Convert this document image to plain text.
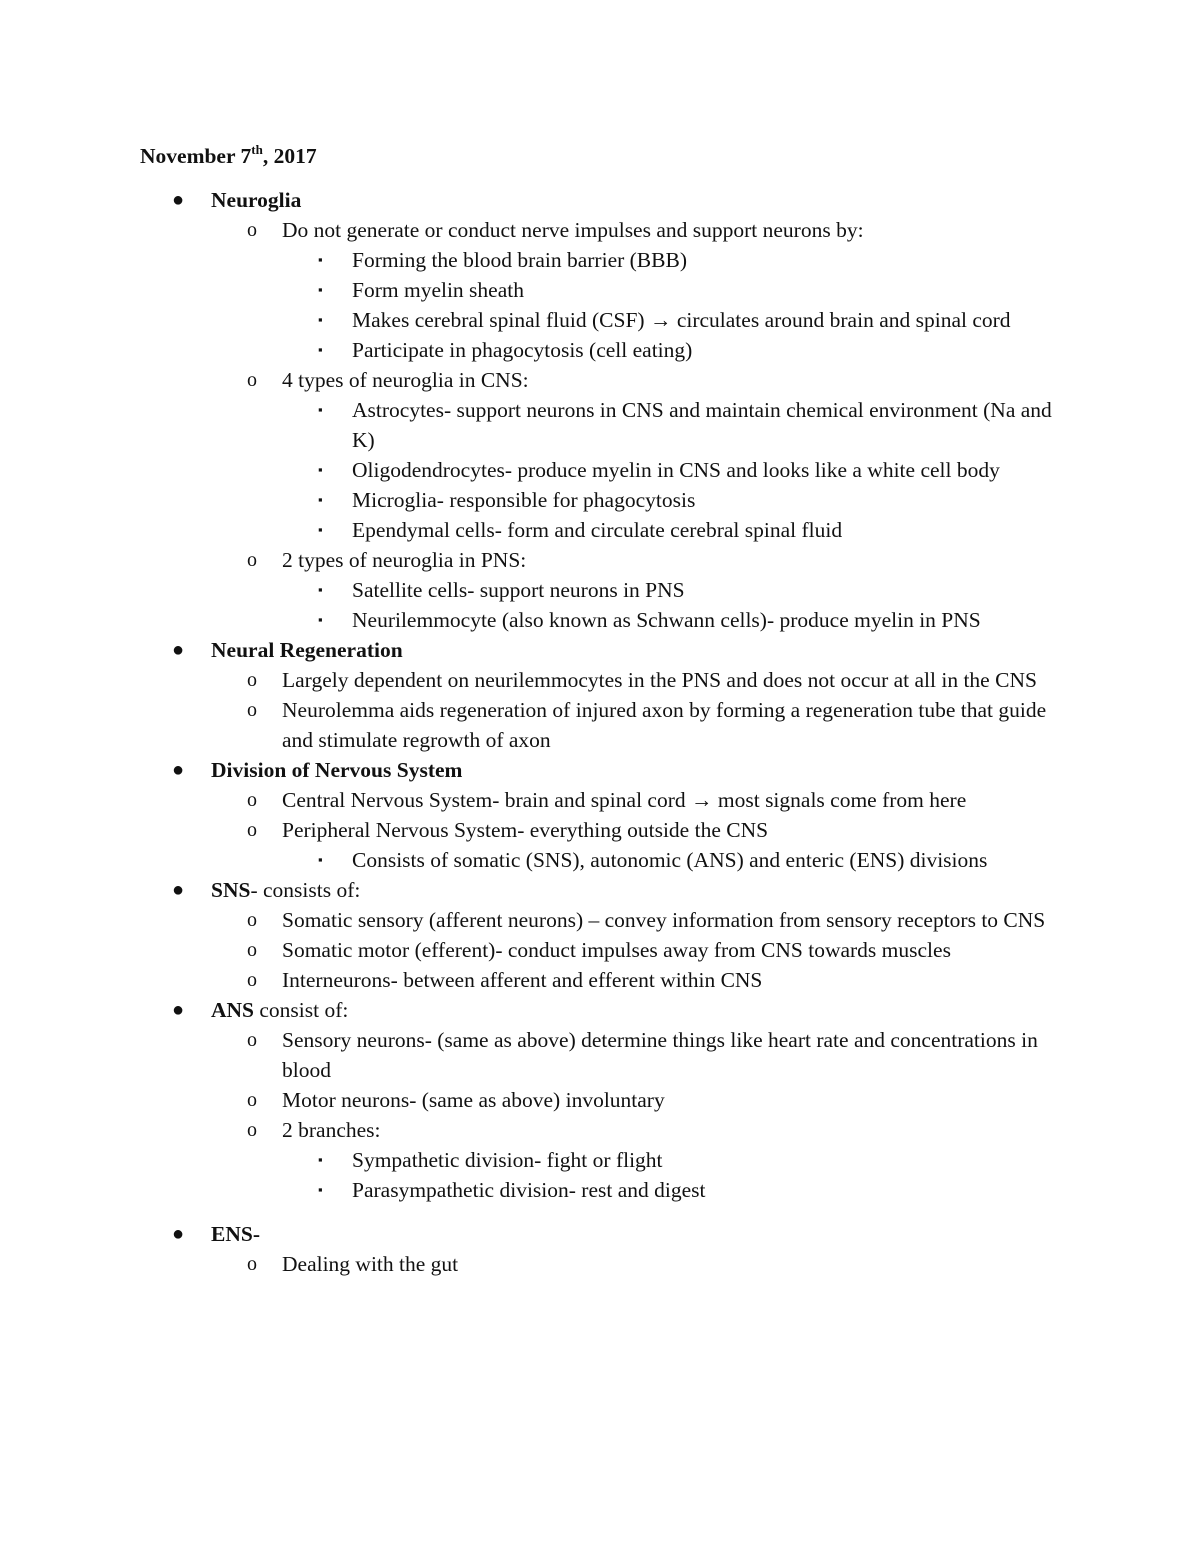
November 7th, 2017
● Neuroglia
o Do not generate or conduct nerve impulses and support neurons by:
▪ Forming the blood brain barrier (BBB)
▪ Form myelin sheath
▪ Makes cerebral spinal fluid (CSF) → circulates around brain and spinal cord
▪ Participate in phagocytosis (cell eating)
o 4 types of neuroglia in CNS:
▪ Astrocytes- support neurons in CNS and maintain chemical environment (Na and K)
▪ Oligodendrocytes- produce myelin in CNS and looks like a white cell body
▪ Microglia- responsible for phagocytosis
▪ Ependymal cells- form and circulate cerebral spinal fluid
o 2 types of neuroglia in PNS:
▪ Satellite cells- support neurons in PNS
▪ Neurilemmocyte (also known as Schwann cells)- produce myelin in PNS
● Neural Regeneration
o Largely dependent on neurilemmocytes in the PNS and does not occur at all in the CNS
o Neurolemma aids regeneration of injured axon by forming a regeneration tube that guide and stimulate regrowth of axon
● Division of Nervous System
o Central Nervous System- brain and spinal cord → most signals come from here
o Peripheral Nervous System- everything outside the CNS
▪ Consists of somatic (SNS), autonomic (ANS) and enteric (ENS) divisions
● SNS- consists of:
o Somatic sensory (afferent neurons) – convey information from sensory receptors to CNS
o Somatic motor (efferent)- conduct impulses away from CNS towards muscles
o Interneurons- between afferent and efferent within CNS
● ANS consist of:
o Sensory neurons- (same as above) determine things like heart rate and concentrations in blood
o Motor neurons- (same as above) involuntary
o 2 branches:
▪ Sympathetic division- fight or flight
▪ Parasympathetic division- rest and digest
● ENS-
o Dealing with the gut
